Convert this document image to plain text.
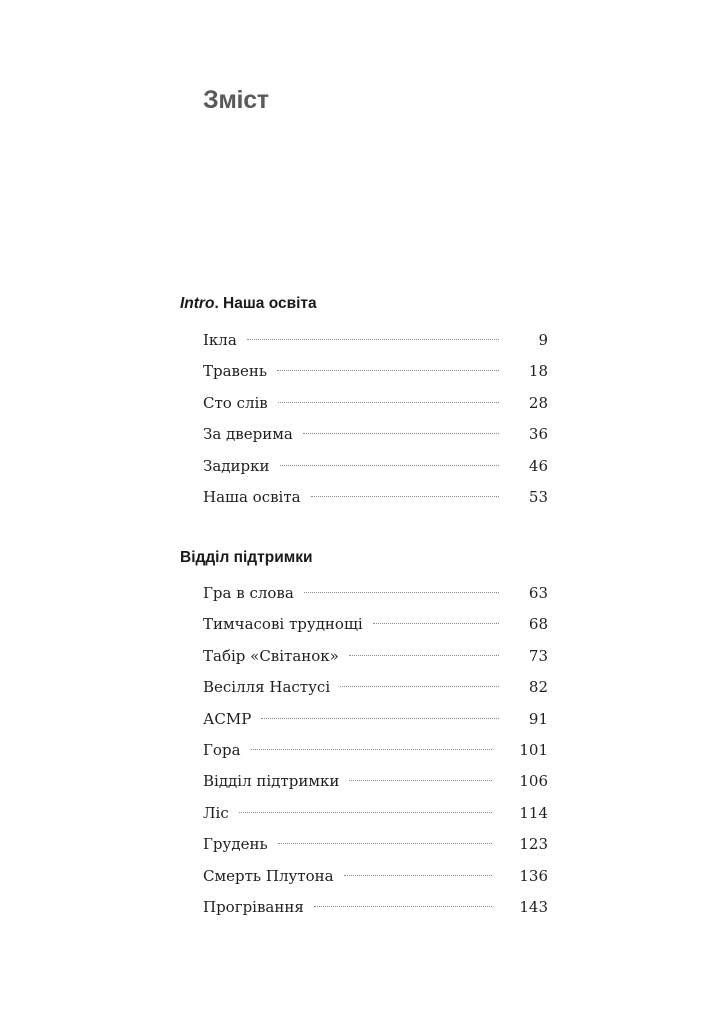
Зміст
Intro. Наша освіта
Ікла	9
Травень	18
Сто слів	28
За дверима	36
Задирки	46
Наша освіта	53
Відділ підтримки
Гра в слова	63
Тимчасові труднощі	68
Табір «Світанок»	73
Весілля Настусі	82
АСМР	91
Гора	101
Відділ підтримки	106
Ліс	114
Грудень	123
Смерть Плутона	136
Прогрівання	143
